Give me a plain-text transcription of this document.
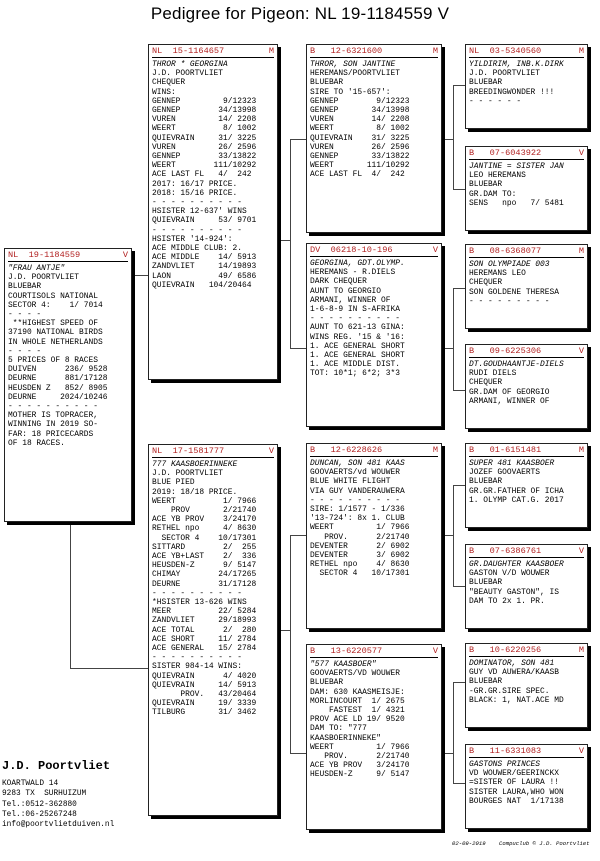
Pedigree for Pigeon: NL 19-1184559 V
NL  19-1184559	V
"FRAU ANTJE"
J.D. POORTVLIET
BLUEBAR
COURTISOLS NATIONAL
SECTOR 4:    1/ 7014
- - - -
**HIGHEST SPEED OF
37190 NATIONAL BIRDS
IN WHOLE NETHERLANDS
- - - -
5 PRICES OF 8 RACES
DUIVEN      236/ 9528
DEURNE      881/17128
HEUSDEN Z   852/ 8905
DEURNE     2024/10246
- - - - - - - - - -
MOTHER IS TOPRACER,
WINNING IN 2019 SO-
FAR: 18 PRICECARDS
OF 18 RACES.
NL  15-1164657	M
THROR * GEORGINA
J.D. POORTVLIET
CHEQUER
WINS:
GENNEP         9/12323
GENNEP        34/13998
VUREN         14/ 2208
WEERT          8/ 1002
QUIEVRAIN     31/ 3225
VUREN         26/ 2596
GENNEP        33/13822
WEERT        111/10292
ACE LAST FL   4/  242
2017: 16/17 PRICE.
2018: 15/16 PRICE.
- - - - - - - - - -
HSISTER 12-637' WINS
QUIEVRAIN     53/ 9701
- - - - - - - - - -
HSISTER '14-924':
ACE MIDDLE CLUB: 2.
ACE MIDDLE    14/ 5913
ZANDVLIET     14/19893
LAON          49/ 6586
QUIEVRAIN   104/20464
NL  17-1581777	V
777 KAASBOERINNEKE
J.D. POORTVLIET
BLUE PIED
2019: 18/18 PRICE.
WEERT          1/ 7966
PROV       2/21740
ACE YB PROV    3/24170
RETHEL npo     4/ 8630
SECTOR 4    10/17301
SITTARD        2/  255
ACE YB+LAST    2/  336
HEUSDEN-Z      9/ 5147
CHIMAY        24/17265
DEURNE        31/17128
- - - - - - - - - -
*HSISTER 13-626 WINS
MEER          22/ 5284
ZANDVLIET     29/18993
ACE TOTAL      2/  280
ACE SHORT     11/ 2784
ACE GENERAL   15/ 2784
- - - - - - - - - -
SISTER 984-14 WINS:
QUIEVRAIN      4/ 4020
QUIEVRAIN     14/ 5913
PROV.   43/20464
QUIEVRAIN     19/ 3339
TILBURG       31/ 3462
B   12-6321600	M
THROR, SON JANTINE
HEREMANS/POORTVLIET
BLUEBAR
SIRE TO '15-657':
GENNEP        9/12323
GENNEP       34/13998
VUREN        14/ 2208
WEERT         8/ 1002
QUIEVRAIN    31/ 3225
VUREN        26/ 2596
GENNEP       33/13822
WEERT       111/10292
ACE LAST FL  4/  242
DV  06218-10-196	V
GEORGINA, GDT.OLYMP.
HEREMANS - R.DIELS
DARK CHEQUER
AUNT TO GEORGIO
ARMANI, WINNER OF
1-6-8-9 IN S-AFRIKA
- - - - - - - - - -
AUNT TO 621-13 GINA:
WINS REG. '15 & '16:
1. ACE GENERAL SHORT
1. ACE GENERAL SHORT
1. ACE MIDDLE DIST.
TOT: 10*1; 6*2; 3*3
B   12-6228626	M
DUNCAN, SON 481 KAAS
GOOVAERTS/vd WOUWER
BLUE WHITE FLIGHT
VIA GUY VANDERAUWERA
- - - - - - - - - -
SIRE: 1/1577 - 1/336
'13-724': 8x 1. CLUB
WEERT         1/ 7966
PROV.      2/21740
DEVENTER      2/ 6902
DEVENTER      3/ 6902
RETHEL npo    4/ 8630
SECTOR 4   10/17301
B   13-6220577	V
"577 KAASBOER"
GOOVAERTS/VD WOUWER
BLUEBAR
DAM: 630 KAASMEISJE:
MORLINCOURT  1/ 2675
FASTEST  1/ 4321
PROV ACE LD 19/ 9520
DAM TO: "777
KAASBOERINNEKE"
WEERT         1/ 7966
PROV.      2/21740
ACE YB PROV   3/24170
HEUSDEN-Z     9/ 5147
NL  03-5340560	M
YILDIRIM, INB.K.DIRK
J.D. POORTVLIET
BLUEBAR
BREEDINGWONDER !!!
- - - - - -
B   07-6043922	V
JANTINE = SISTER JAN
LEO HEREMANS
BLUEBAR
GR.DAM TO:
SENS   npo   7/ 5481
B   08-6368077	M
SON OLYMPIADE 003
HEREMANS LEO
CHEQUER
SON GOLDENE THERESA
- - - - - - - - -
B   09-6225306	V
DT.GOUDHAANTJE-DIELS
RUDI DIELS
CHEQUER
GR.DAM OF GEORGIO
ARMANI, WINNER OF
B   01-6151481	M
SUPER 481 KAASBOER
JOZEF GOOVAERTS
BLUEBAR
GR.GR.FATHER OF ICHA
1. OLYMP CAT.G. 2017
B   07-6386761	V
GR.DAUGHTER KAASBOER
GASTON V/D WOUWER
BLUEBAR
"BEAUTY GASTON", IS
DAM TO 2x 1. PR.
B   10-6220256	M
DOMINATOR, SON 481
GUY VD AUWERA/KAASB
BLUEBAR
-GR.GR.SIRE SPEC.
BLACK: 1, NAT.ACE MD
B   11-6331083	V
GASTONS PRINCES
VD WOUWER/GEERINCKX
=SISTER OF LAURA !!
SISTER LAURA,WHO WON
BOURGES NAT  1/17138
J.D. Poortvliet
KOARTWALD 14
9283 TX  SURHUIZUM
Tel.:0512-362880
Tel.:06-25267248
info@poortvlietduiven.nl
02-09-2019    Compuclub © J.D. Poortvliet
